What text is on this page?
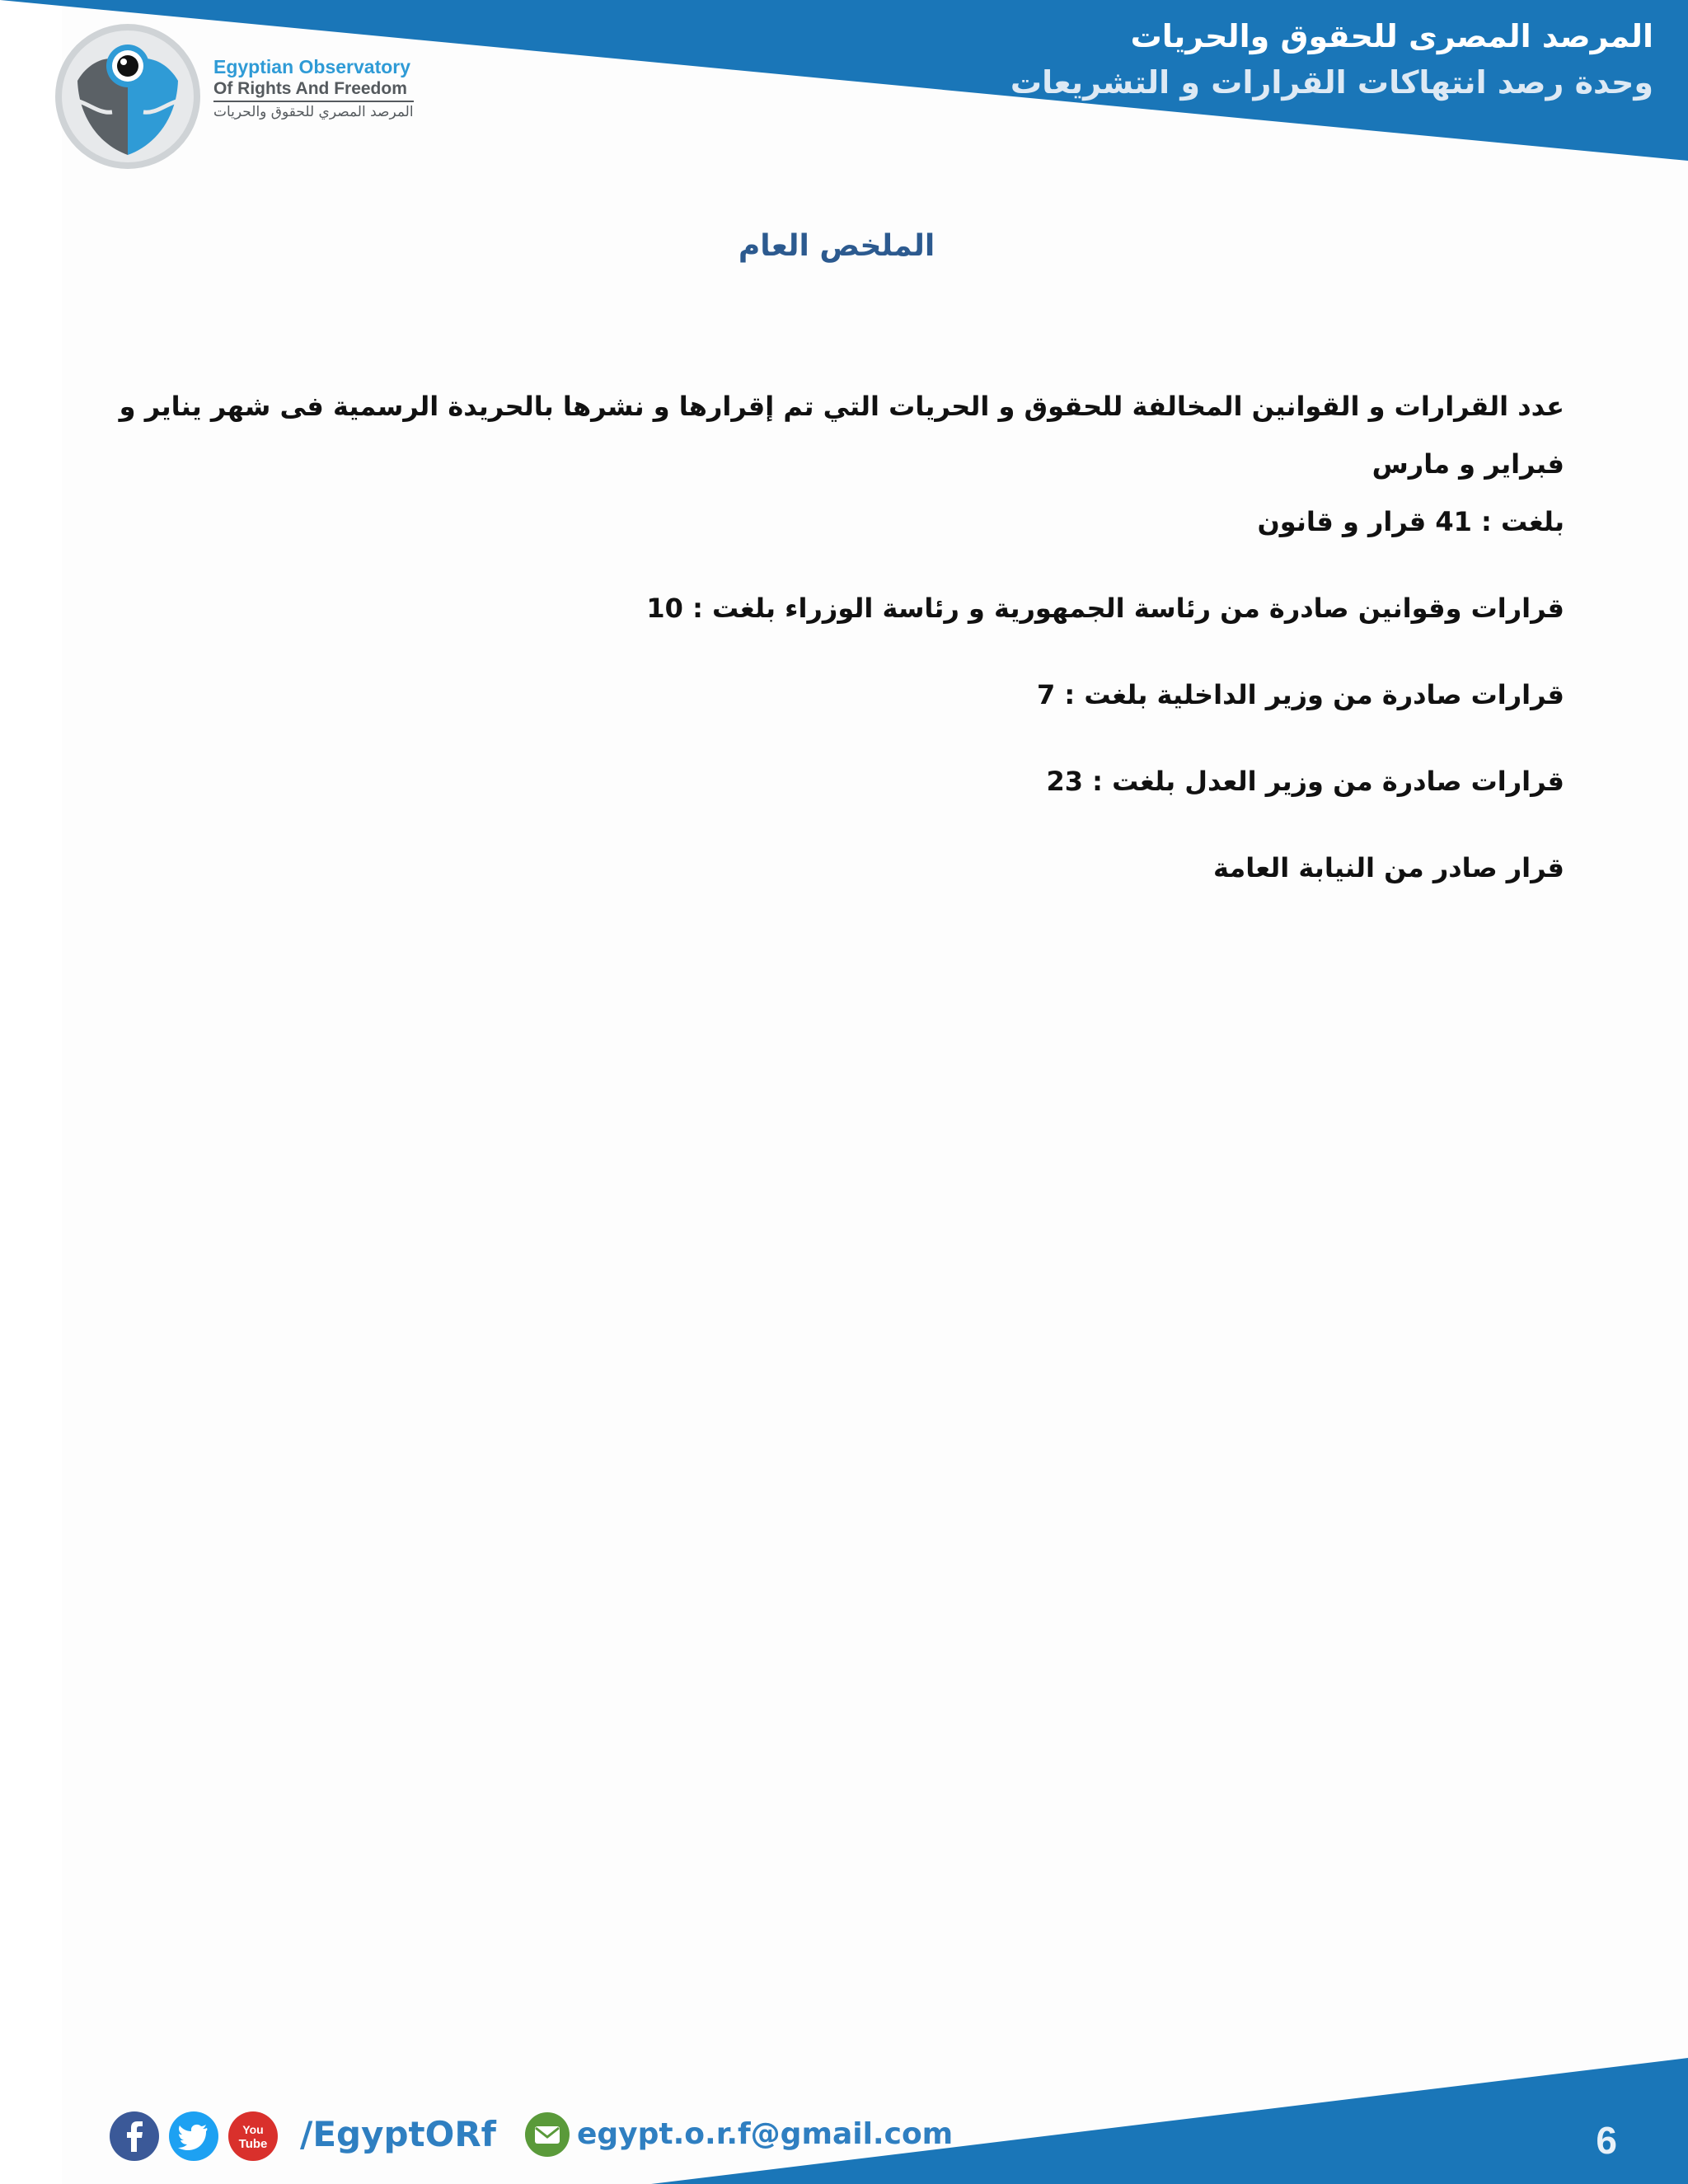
المرصد المصرى للحقوق والحريات
وحدة رصد انتهاكات القرارات و التشريعات
Egyptian Observatory
Of Rights And Freedom
المرصد المصري للحقوق والحريات
الملخص العام

عدد القرارات و القوانين المخالفة للحقوق و الحريات التي تم إقرارها و نشرها بالحريدة الرسمية فى شهر يناير و فبراير و مارس

بلغت : 41 قرار و قانون

قرارات وقوانين صادرة من رئاسة الجمهورية و رئاسة الوزراء بلغت : 10

قرارات صادرة من وزير الداخلية بلغت : 7

قرارات صادرة من وزير العدل بلغت : 23

قرار صادر من النيابة العامة

You
Tube /EgyptORf	egypt.o.r.f@gmail.com	6
